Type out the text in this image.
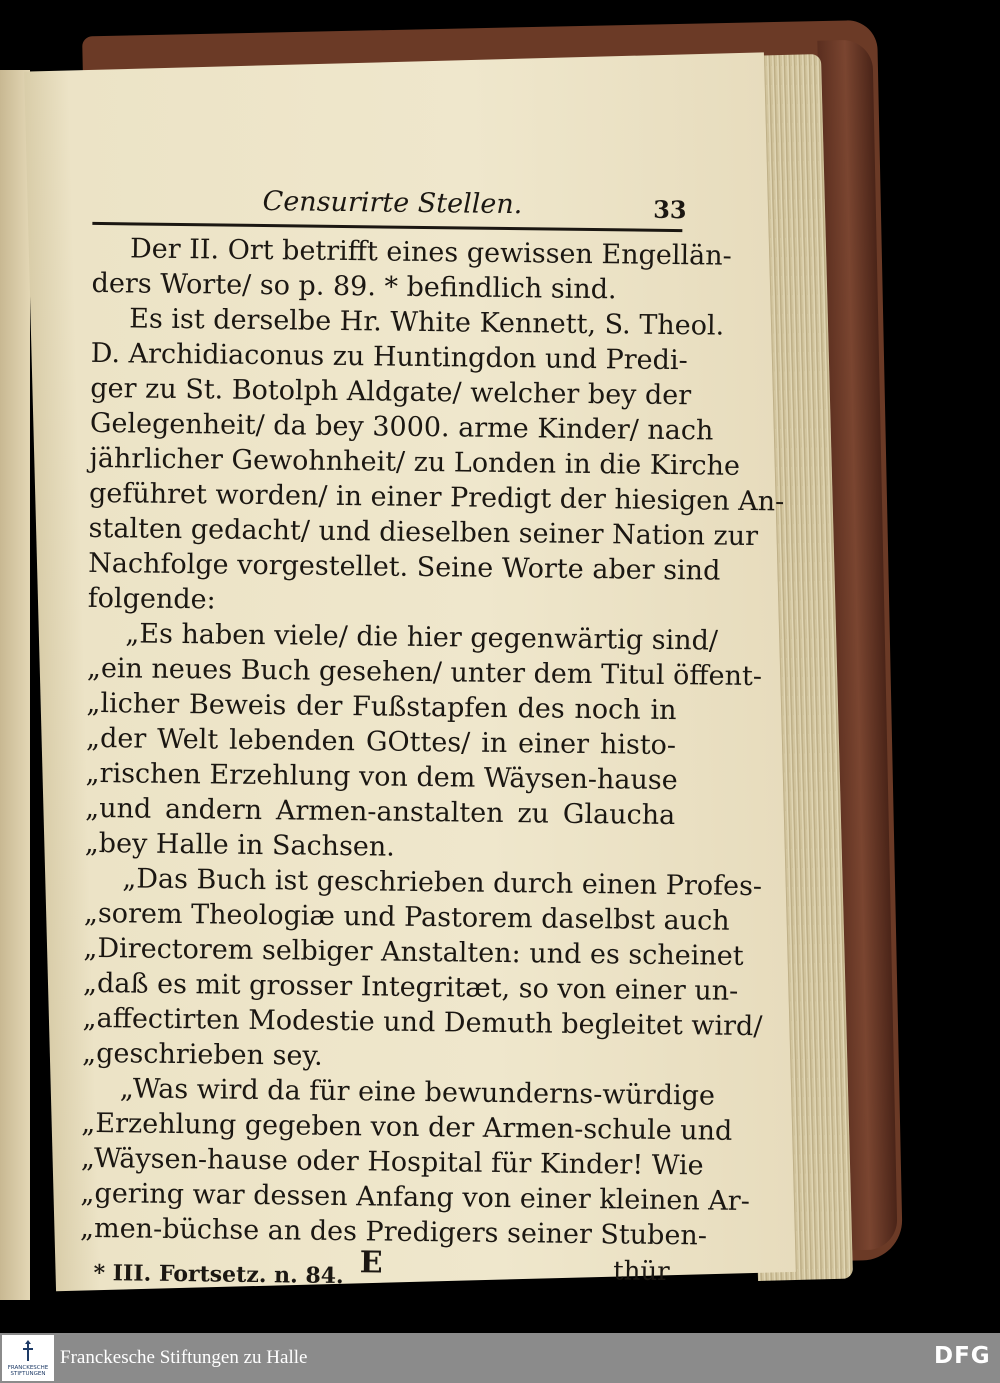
Censurirte Stellen.	33
Der II. Ort betrifft eines gewissen Engellän-
ders Worte/ so p. 89. * befindlich sind.
Es ist derselbe Hr. White Kennett, S. Theol.
D. Archidiaconus zu Huntingdon und Predi-
ger zu St. Botolph Aldgate/ welcher bey der
Gelegenheit/ da bey 3000. arme Kinder/ nach
jährlicher Gewohnheit/ zu Londen in die Kirche
geführet worden/ in einer Predigt der hiesigen An-
stalten gedacht/ und dieselben seiner Nation zur
Nachfolge vorgestellet. Seine Worte aber sind
folgende:
„Es haben viele/ die hier gegenwärtig sind/
„ein neues Buch gesehen/ unter dem Titul öffent-
„licher Beweis der Fußstapfen des noch in
„der Welt lebenden GOttes/ in einer histo-
„rischen Erzehlung von dem Wäysen-hause
„und andern Armen-anstalten zu Glaucha
„bey Halle in Sachsen.
„Das Buch ist geschrieben durch einen Profes-
„sorem Theologiæ und Pastorem daselbst auch
„Directorem selbiger Anstalten: und es scheinet
„daß es mit grosser Integritæt, so von einer un-
„affectirten Modestie und Demuth begleitet wird/
„geschrieben sey.
„Was wird da für eine bewunderns-würdige
„Erzehlung gegeben von der Armen-schule und
„Wäysen-hause oder Hospital für Kinder! Wie
„gering war dessen Anfang von einer kleinen Ar-
„men-büchse an des Predigers seiner Stuben-
E
* III. Fortsetz. n. 84.	thür
FRANCKESCHE STIFTUNGEN
Franckesche Stiftungen zu Halle	DFG
